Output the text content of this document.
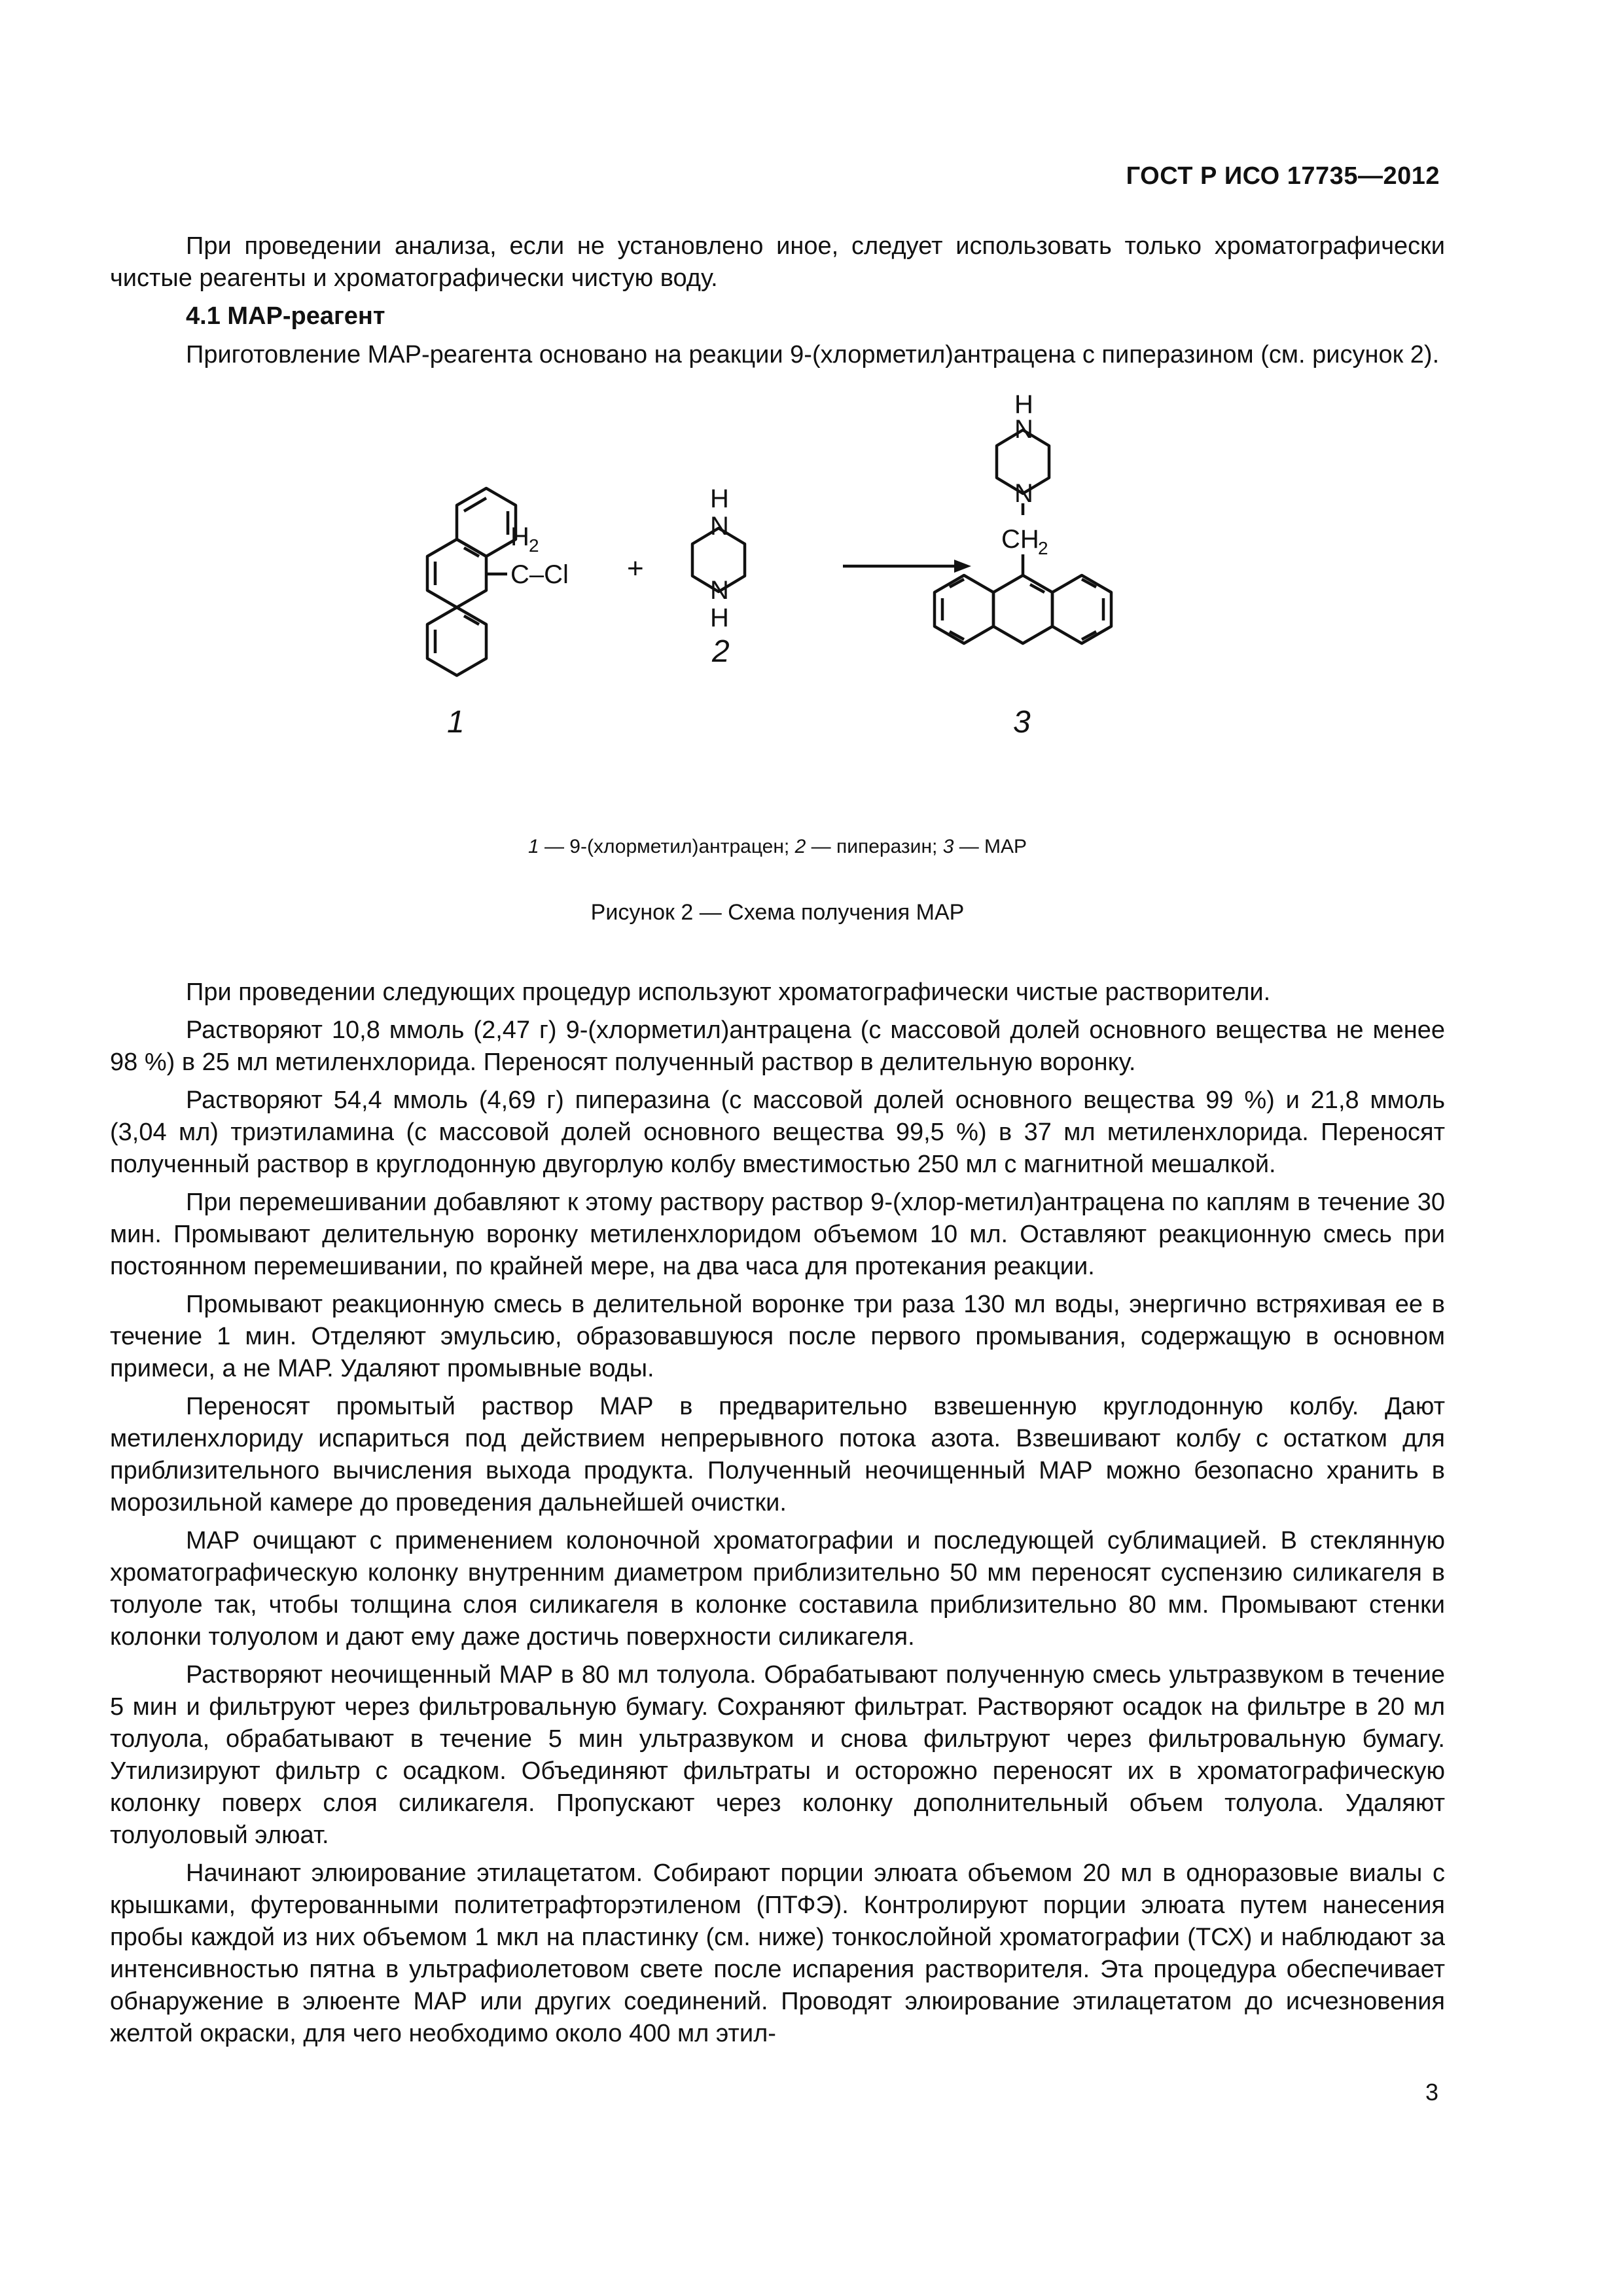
ГОСТ Р ИСО 17735—2012

При проведении анализа, если не установлено иное, следует использовать только хроматографически чистые реагенты и хроматографически чистую воду.

4.1 МАР-реагент

Приготовление МАР-реагента основано на реакции 9-(хлорметил)антрацена с пиперазином (см. рисунок 2).

H 2
C–Cl +
H
N
N
H
H
N
N
CH
2
1
2
3
1 — 9-(хлорметил)антрацен; 2 — пиперазин; 3 — МАР
Рисунок 2 — Схема получения МАР

При проведении следующих процедур используют хроматографически чистые растворители.

Растворяют 10,8 ммоль (2,47 г) 9-(хлорметил)антрацена (с массовой долей основного вещества не менее 98 %) в 25 мл метиленхлорида. Переносят полученный раствор в делительную воронку.

Растворяют 54,4 ммоль (4,69 г) пиперазина (с массовой долей основного вещества 99 %) и 21,8 ммоль (3,04 мл) триэтиламина (с массовой долей основного вещества 99,5 %) в 37 мл метиленхлорида. Переносят полученный раствор в круглодонную двугорлую колбу вместимостью 250 мл с магнитной мешалкой.

При перемешивании добавляют к этому раствору раствор 9-(хлор-метил)антрацена по каплям в течение 30 мин. Промывают делительную воронку метиленхлоридом объемом 10 мл. Оставляют реакционную смесь при постоянном перемешивании, по крайней мере, на два часа для протекания реакции.

Промывают реакционную смесь в делительной воронке три раза 130 мл воды, энергично встряхивая ее в течение 1 мин. Отделяют эмульсию, образовавшуюся после первого промывания, содержащую в основном примеси, а не МАР. Удаляют промывные воды.

Переносят промытый раствор МАР в предварительно взвешенную круглодонную колбу. Дают метиленхлориду испариться под действием непрерывного потока азота. Взвешивают колбу с остатком для приблизительного вычисления выхода продукта. Полученный неочищенный МАР можно безопасно хранить в морозильной камере до проведения дальнейшей очистки.

МАР очищают с применением колоночной хроматографии и последующей сублимацией. В стеклянную хроматографическую колонку внутренним диаметром приблизительно 50 мм переносят суспензию силикагеля в толуоле так, чтобы толщина слоя силикагеля в колонке составила приблизительно 80 мм. Промывают стенки колонки толуолом и дают ему даже достичь поверхности силикагеля.

Растворяют неочищенный МАР в 80 мл толуола. Обрабатывают полученную смесь ультразвуком в течение 5 мин и фильтруют через фильтровальную бумагу. Сохраняют фильтрат. Растворяют осадок на фильтре в 20 мл толуола, обрабатывают в течение 5 мин ультразвуком и снова фильтруют через фильтровальную бумагу. Утилизируют фильтр с осадком. Объединяют фильтраты и осторожно переносят их в хроматографическую колонку поверх слоя силикагеля. Пропускают через колонку дополнительный объем толуола. Удаляют толуоловый элюат.

Начинают элюирование этилацетатом. Собирают порции элюата объемом 20 мл в одноразовые виалы с крышками, футерованными политетрафторэтиленом (ПТФЭ). Контролируют порции элюата путем нанесения пробы каждой из них объемом 1 мкл на пластинку (см. ниже) тонкослойной хроматографии (ТСХ) и наблюдают за интенсивностью пятна в ультрафиолетовом свете после испарения растворителя. Эта процедура обеспечивает обнаружение в элюенте МАР или других соединений. Проводят элюирование этилацетатом до исчезновения желтой окраски, для чего необходимо около 400 мл этил-

3
